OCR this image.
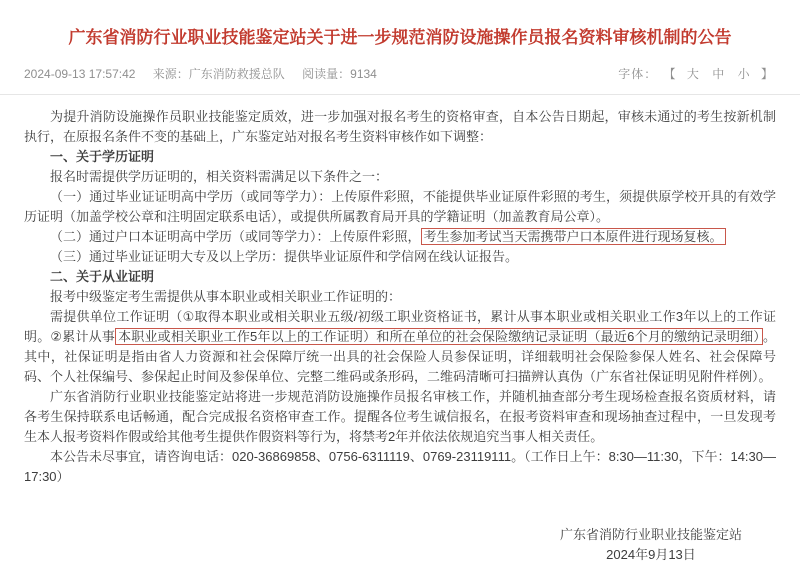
广东省消防行业职业技能鉴定站关于进一步规范消防设施操作员报名资料审核机制的公告
2024-09-13 17:57:42 来源：广东消防救援总队 阅读量：9134	字体： 【 大 中 小 】

为提升消防设施操作员职业技能鉴定质效，进一步加强对报名考生的资格审查，自本公告日期起，审核未通过的考生按新机制执行，在原报名条件不变的基础上，广东鉴定站对报名考生资料审核作如下调整：

一、关于学历证明

报名时需提供学历证明的，相关资料需满足以下条件之一：

（一）通过毕业证证明高中学历（或同等学力）：上传原件彩照，不能提供毕业证原件彩照的考生，须提供原学校开具的有效学历证明（加盖学校公章和注明固定联系电话），或提供所属教育局开具的学籍证明（加盖教育局公章）。

（二）通过户口本证明高中学历（或同等学力）：上传原件彩照， 考生参加考试当天需携带户口本原件进行现场复核。

（三）通过毕业证证明大专及以上学历：提供毕业证原件和学信网在线认证报告。

二、关于从业证明

报考中级鉴定考生需提供从事本职业或相关职业工作证明的：

需提供单位工作证明（①取得本职业或相关职业五级/初级工职业资格证书，累计从事本职业或相关职业工作3年以上的工作证明。②累计从事 本职业或相关职业工作5年以上的工作证明）和所在单位的社会保险缴纳记录证明（最近6个月的缴纳记录明细） 。其中，社保证明是指由省人力资源和社会保障厅统一出具的社会保险人员参保证明，详细载明社会保险参保人姓名、社会保障号码、个人社保编号、参保起止时间及参保单位、完整二维码或条形码，二维码清晰可扫描辨认真伪（广东省社保证明见附件样例）。

广东省消防行业职业技能鉴定站将进一步规范消防设施操作员报名审核工作，并随机抽查部分考生现场检查报名资质材料，请各考生保持联系电话畅通，配合完成报名资格审查工作。提醒各位考生诚信报名，在报考资料审查和现场抽查过程中，一旦发现考生本人报考资料作假或给其他考生提供作假资料等行为，将禁考2年并依法依规追究当事人相关责任。

本公告未尽事宜，请咨询电话：020-36869858、0756-6311119、0769-23119111。（工作日上午：8:30—11:30，下午：14:30—17:30）

广东省消防行业职业技能鉴定站
2024年9月13日
